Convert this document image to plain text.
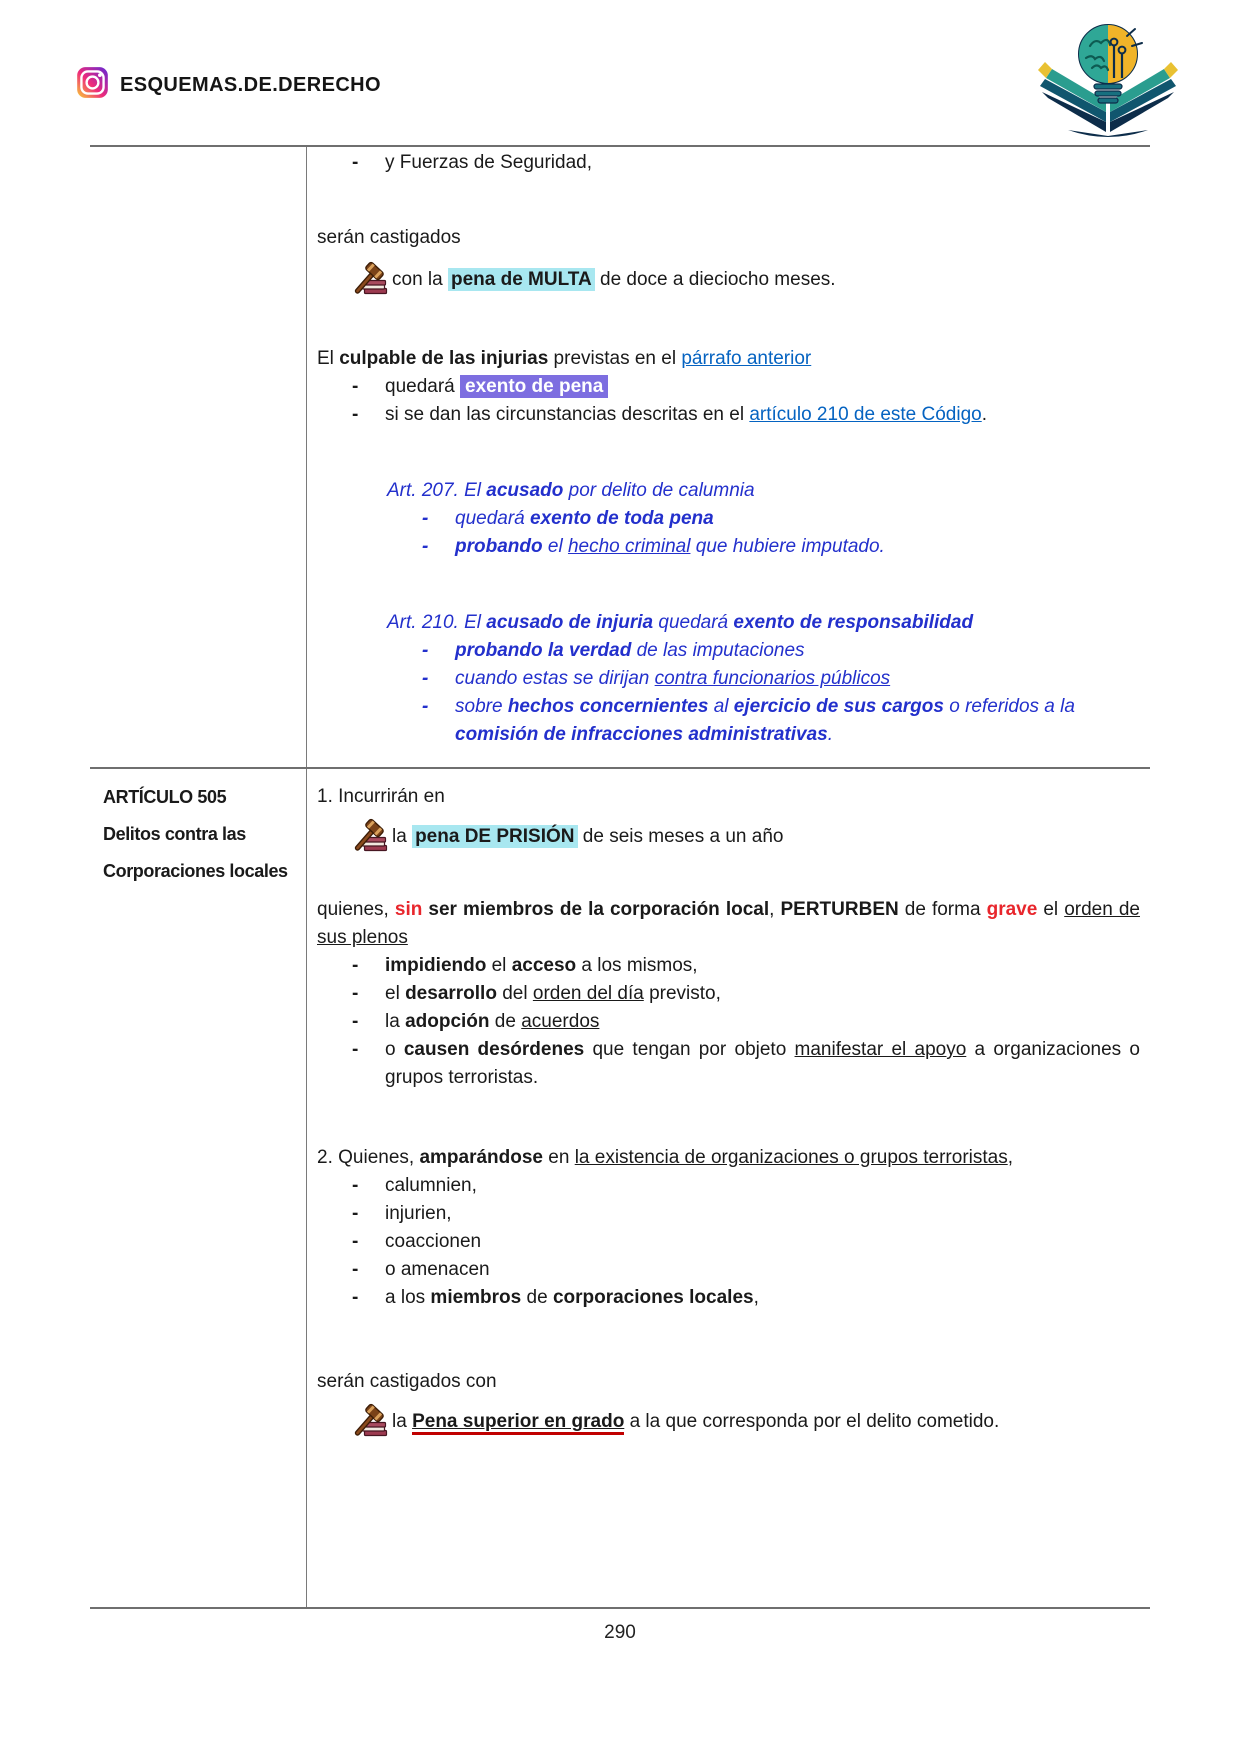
ESQUEMAS.DE.DERECHO
-	y Fuerzas de Seguridad,
serán castigados
con la pena de MULTA de doce a dieciocho meses.
El culpable de las injurias previstas en el párrafo anterior
-	quedará exento de pena
-	si se dan las circunstancias descritas en el artículo 210 de este Código.
Art. 207. El acusado por delito de calumnia
-	quedará exento de toda pena
-	probando el hecho criminal que hubiere imputado.
Art. 210. El acusado de injuria quedará exento de responsabilidad
-	probando la verdad de las imputaciones
-	cuando estas se dirijan contra funcionarios públicos
-	sobre hechos concernientes al ejercicio de sus cargos o referidos a la comisión de infracciones administrativas.
ARTÍCULO 505
Delitos contra las
Corporaciones locales
1. Incurrirán en
la pena DE PRISIÓN de seis meses a un año
quienes, sin ser miembros de la corporación local, PERTURBEN de forma grave el orden de sus plenos
-	impidiendo el acceso a los mismos,
-	el desarrollo del orden del día previsto,
-	la adopción de acuerdos
-	o causen desórdenes que tengan por objeto manifestar el apoyo a organizaciones o grupos terroristas.
2. Quienes, amparándose en la existencia de organizaciones o grupos terroristas,
-	calumnien,
-	injurien,
-	coaccionen
-	o amenacen
-	a los miembros de corporaciones locales,
serán castigados con
la Pena superior en grado a la que corresponda por el delito cometido.
290
